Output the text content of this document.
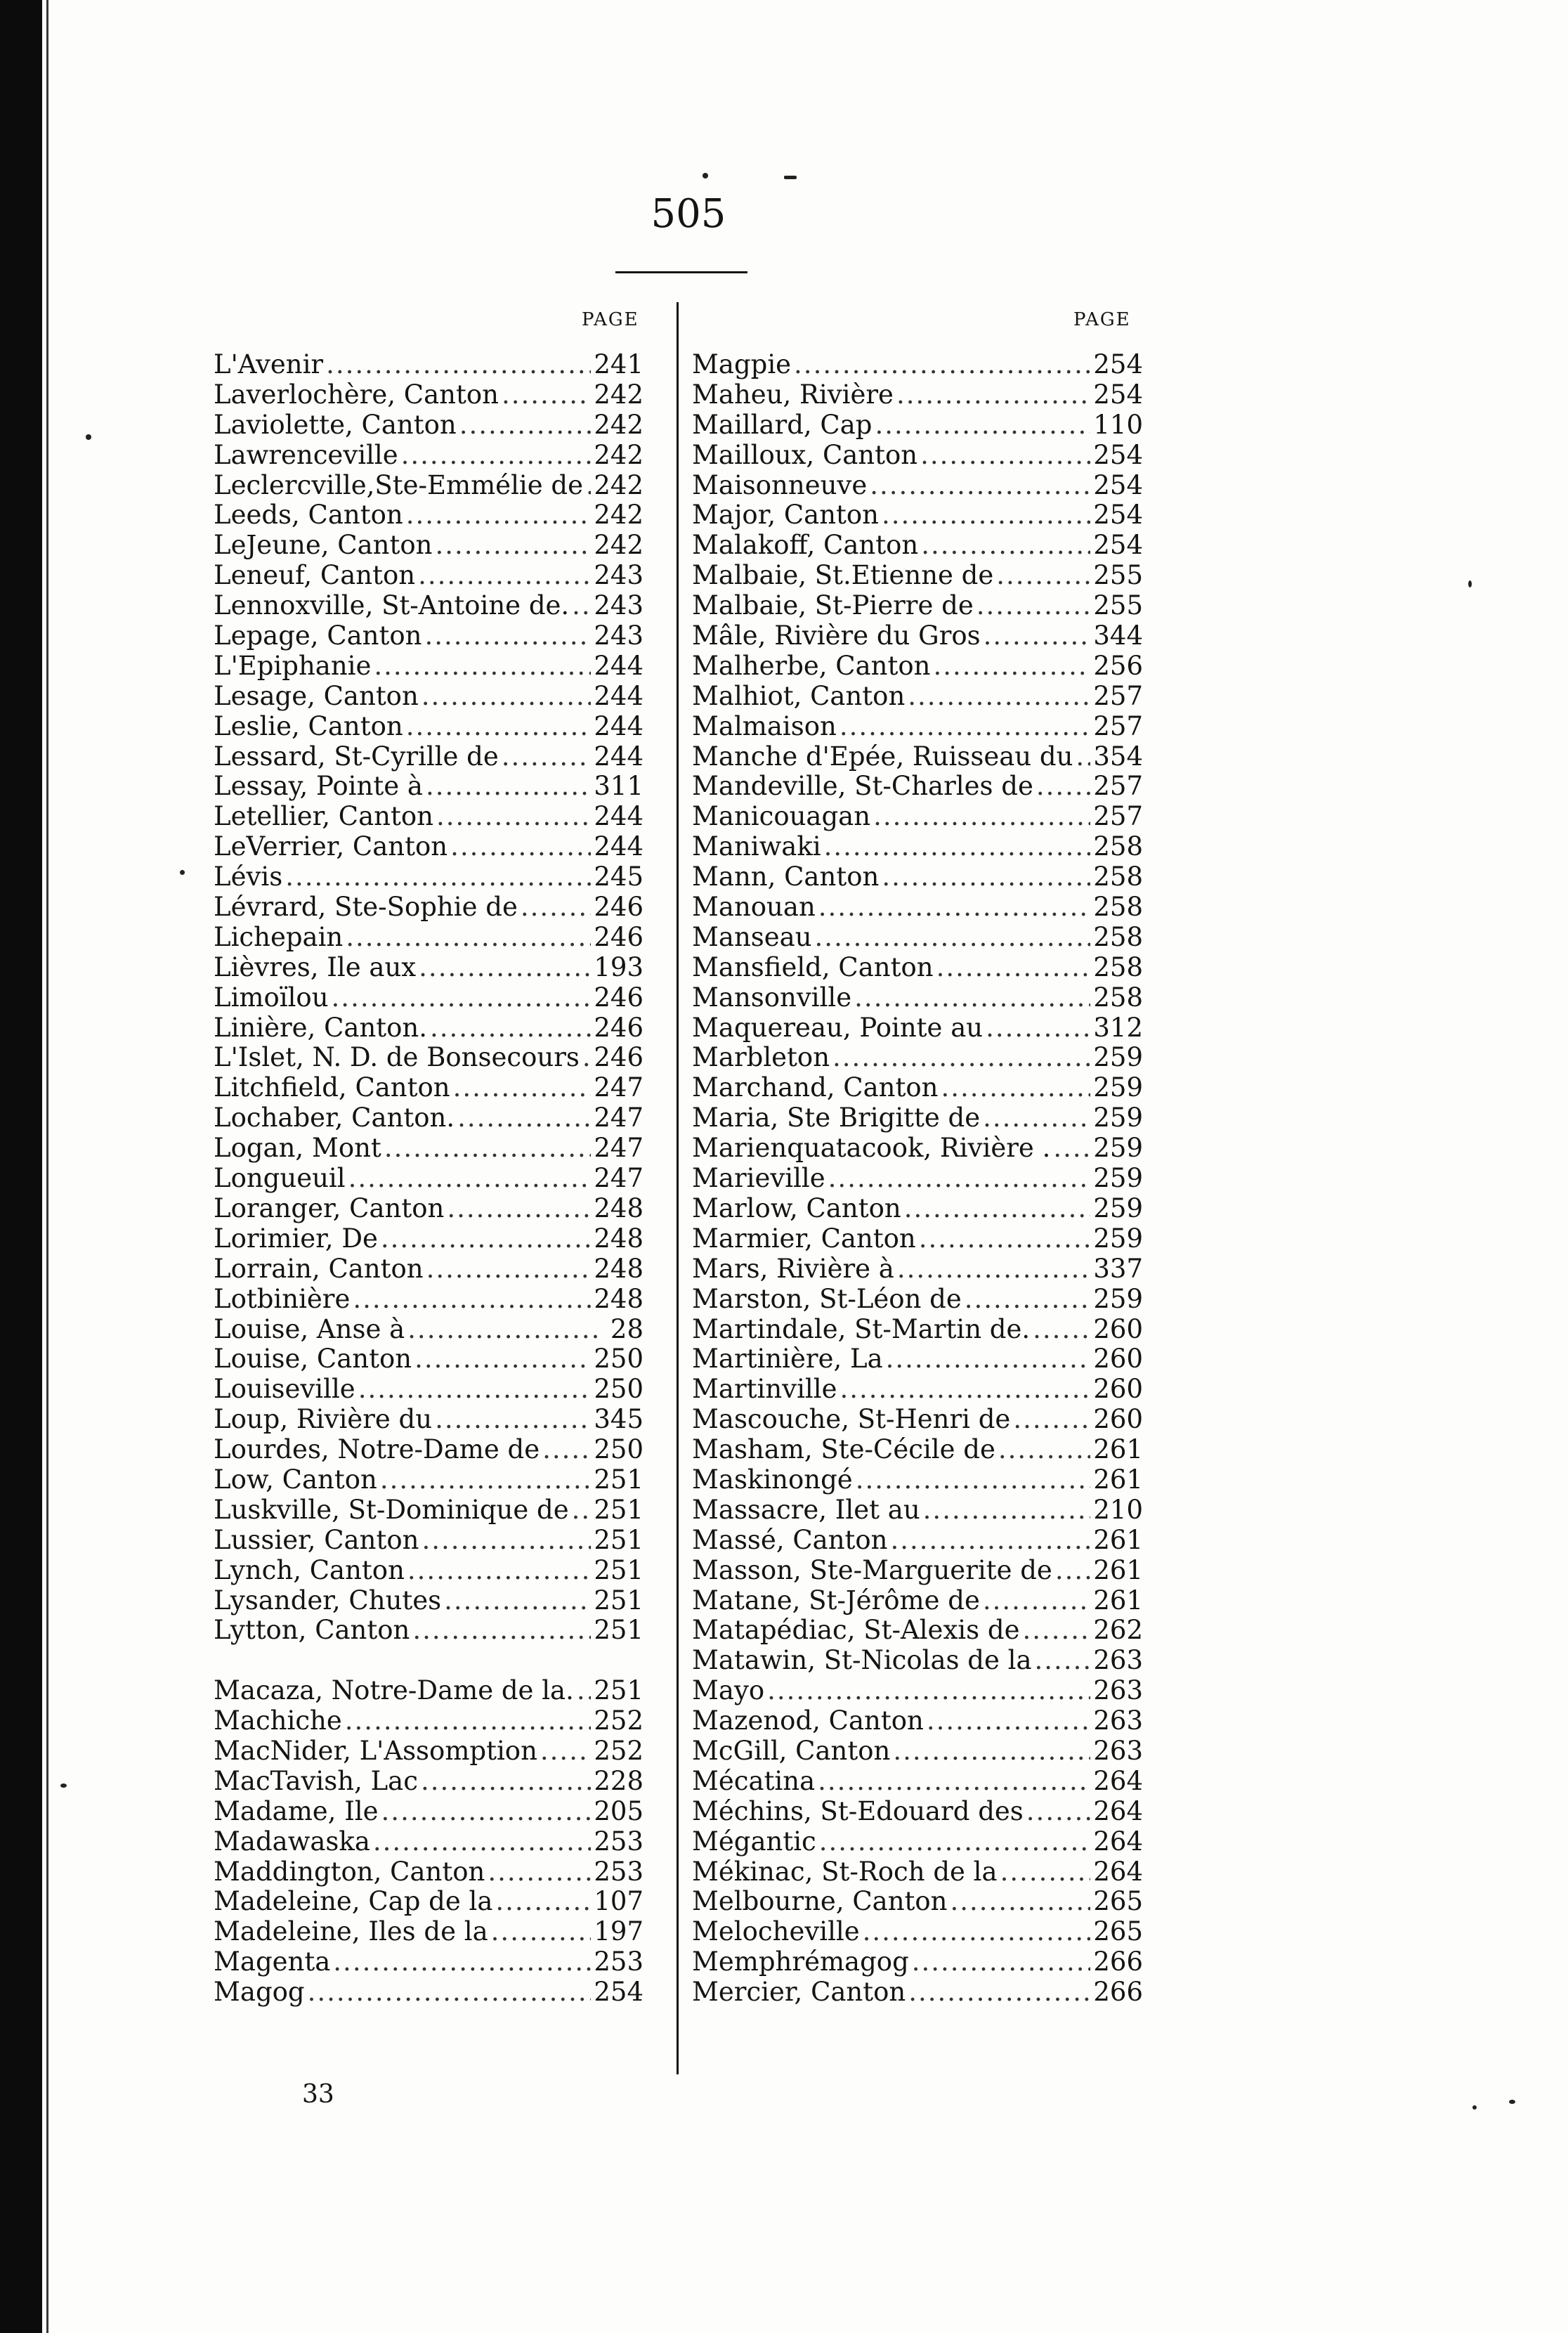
505
PAGE	PAGE
L'Avenir .....	241
Laverlochère, Canton .....	242
Laviolette, Canton .....	242
Lawrenceville .....	242
Leclercville,Ste-Emmélie de ..... 242
Leeds, Canton .....	242
LeJeune, Canton .....	242
Leneuf, Canton .....	243
Lennoxville, St-Antoine de. ..... 243
Lepage, Canton .....	243
L'Epiphanie .....	244
Lesage, Canton .....	244
Leslie, Canton .....	244
Lessard, St-Cyrille de .....	244
Lessay, Pointe à .....	311
Letellier, Canton .....	244
LeVerrier, Canton .....	244
Lévis .....	245
Lévrard, Ste-Sophie de .....	246
Lichepain .....	246
Lièvres, Ile aux .....	193
Limoïlou .....	246
Linière, Canton. .....	246
L'Islet, N. D. de Bonsecours ..... 246
Litchfield, Canton .....	247
Lochaber, Canton. .....	247
Logan, Mont .....	247
Longueuil .....	247
Loranger, Canton .....	248
Lorimier, De .....	248
Lorrain, Canton .....	248
Lotbinière .....	248
Louise, Anse à .....	28
Louise, Canton .....	250
Louiseville .....	250
Loup, Rivière du .....	345
Lourdes, Notre-Dame de ..... 250
Low, Canton .....	251
Luskville, St-Dominique de ..... 251
Lussier, Canton .....	251
Lynch, Canton .....	251
Lysander, Chutes .....	251
Lytton, Canton .....	251
Macaza, Notre-Dame de la. ..... 251
Machiche .....	252
MacNider, L'Assomption ..... 252
MacTavish, Lac .....	228
Madame, Ile .....	205
Madawaska .....	253
Maddington, Canton .....	253
Madeleine, Cap de la .....	107
Madeleine, Iles de la .....	197
Magenta .....	253
Magog .....	254
Magpie .....	254
Maheu, Rivière .....	254
Maillard, Cap .....	110
Mailloux, Canton .....	254
Maisonneuve .....	254
Major, Canton .....	254
Malakoff, Canton .....	254
Malbaie, St.Etienne de .....	255
Malbaie, St-Pierre de .....	255
Mâle, Rivière du Gros .....	344
Malherbe, Canton .....	256
Malhiot, Canton .....	257
Malmaison .....	257
Manche d'Epée, Ruisseau du ..... 354
Mandeville, St-Charles de ..... 257
Manicouagan .....	257
Maniwaki .....	258
Mann, Canton .....	258
Manouan .....	258
Manseau .....	258
Mansfield, Canton .....	258
Mansonville .....	258
Maquereau, Pointe au .....	312
Marbleton .....	259
Marchand, Canton .....	259
Maria, Ste Brigitte de .....	259
Marienquatacook, Rivière . ..... 259
Marieville .....	259
Marlow, Canton .....	259
Marmier, Canton .....	259
Mars, Rivière à .....	337
Marston, St-Léon de .....	259
Martindale, St-Martin de. ..... 260
Martinière, La .....	260
Martinville .....	260
Mascouche, St-Henri de .....	260
Masham, Ste-Cécile de .....	261
Maskinongé .....	261
Massacre, Ilet au .....	210
Massé, Canton .....	261
Masson, Ste-Marguerite de ..... 261
Matane, St-Jérôme de .....	261
Matapédiac, St-Alexis de .....	262
Matawin, St-Nicolas de la ..... 263
Mayo .....	263
Mazenod, Canton .....	263
McGill, Canton .....	263
Mécatina .....	264
Méchins, St-Edouard des .....	264
Mégantic .....	264
Mékinac, St-Roch de la .....	264
Melbourne, Canton .....	265
Melocheville .....	265
Memphrémagog .....	266
Mercier, Canton .....	266
33
